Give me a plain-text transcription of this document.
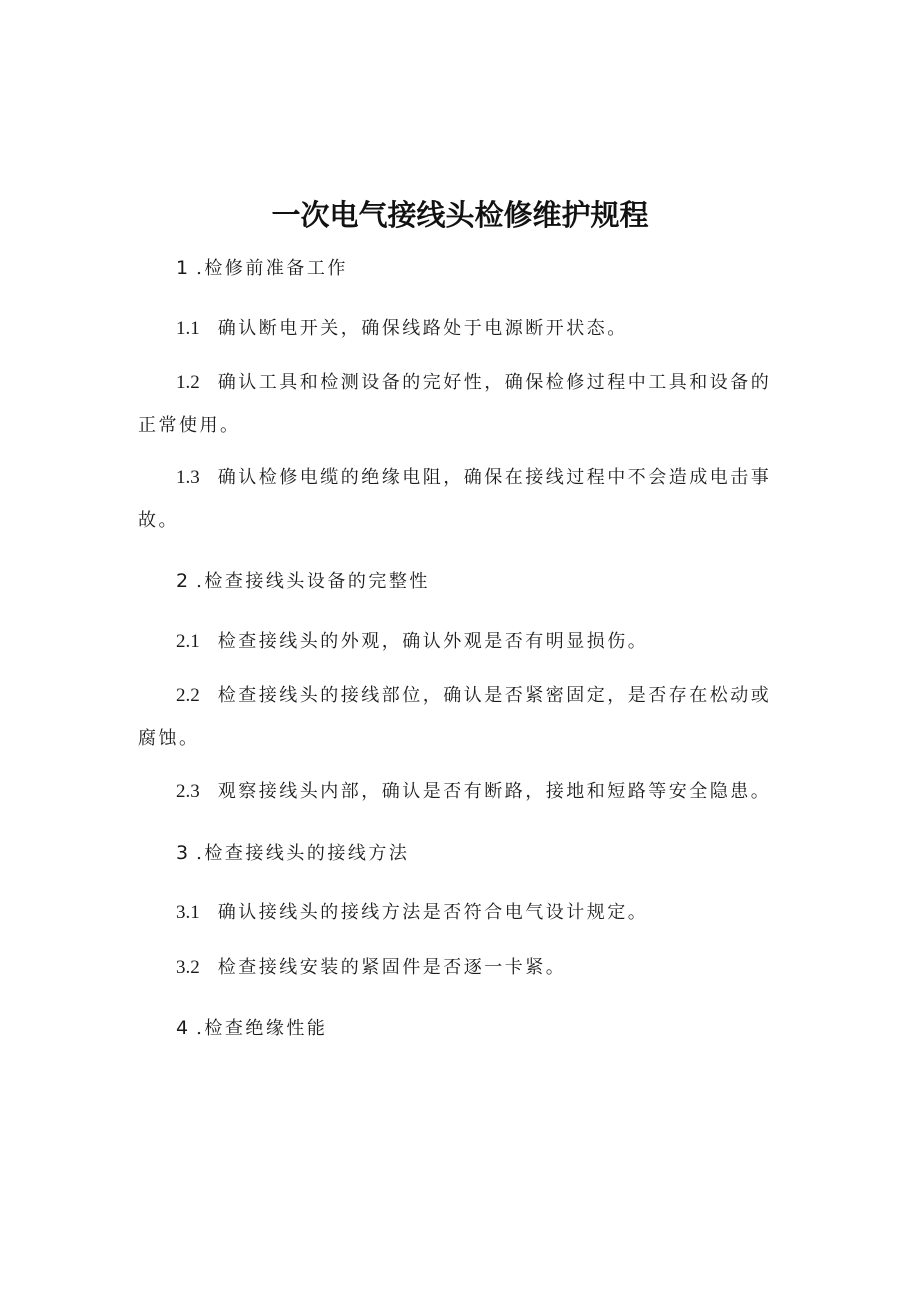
一次电气接线头检修维护规程
1 .检修前准备工作
1.1 确认断电开关，确保线路处于电源断开状态。
1.2 确认工具和检测设备的完好性，确保检修过程中工具和设备的正常使用。
1.3 确认检修电缆的绝缘电阻，确保在接线过程中不会造成电击事故。
2 .检查接线头设备的完整性
2.1 检查接线头的外观，确认外观是否有明显损伤。
2.2 检查接线头的接线部位，确认是否紧密固定，是否存在松动或腐蚀。
2.3 观察接线头内部，确认是否有断路，接地和短路等安全隐患。
3 .检查接线头的接线方法
3.1 确认接线头的接线方法是否符合电气设计规定。
3.2 检查接线安装的紧固件是否逐一卡紧。
4 .检查绝缘性能
